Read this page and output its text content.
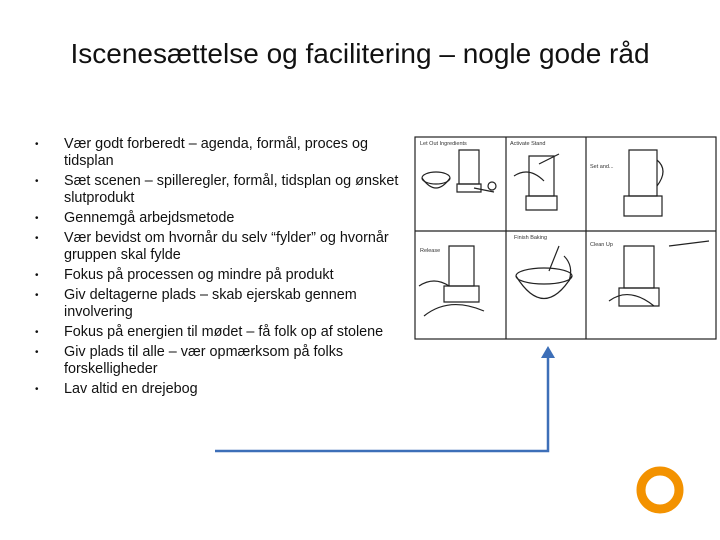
Iscenesættelse og facilitering – nogle gode råd
• Vær godt forberedt – agenda, formål, proces og tidsplan
• Sæt scenen – spilleregler, formål, tidsplan og ønsket slutprodukt
• Gennemgå arbejdsmetode
• Vær bevidst om hvornår du selv “fylder” og hvornår gruppen skal fylde
• Fokus på processen og mindre på produkt
• Giv deltagerne plads – skab ejerskab gennem involvering
• Fokus på energien til mødet – få folk op af stolene
• Giv plads til alle – vær opmærksom på folks forskelligheder
• Lav altid en drejebog
Let Out Ingredients	Activate Stand
Set and...
Finish Baking
Release
Clean Up
